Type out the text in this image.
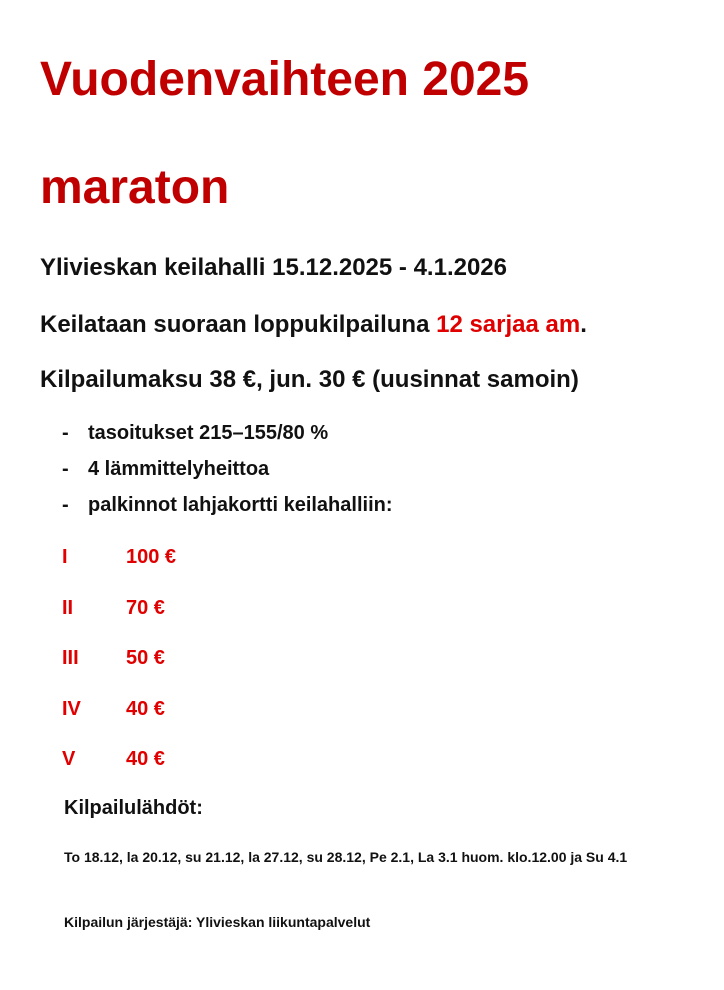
Vuodenvaihteen 2025
maraton

Ylivieskan keilahalli 15.12.2025 - 4.1.2026

Keilataan suoraan loppukilpailuna 12 sarjaa am.

Kilpailumaksu 38 €, jun. 30 € (uusinnat samoin)

- tasoitukset 215–155/80 %
- 4 lämmittelyheittoa
- palkinnot lahjakortti keilahalliin:
I	100 €
II	70 €
III 50 €
IV 40 €
V	40 €

Kilpailulähdöt:

To 18.12, la 20.12, su 21.12, la 27.12, su 28.12, Pe 2.1, La 3.1 huom. klo.12.00 ja Su 4.1

Kilpailun järjestäjä: Ylivieskan liikuntapalvelut
